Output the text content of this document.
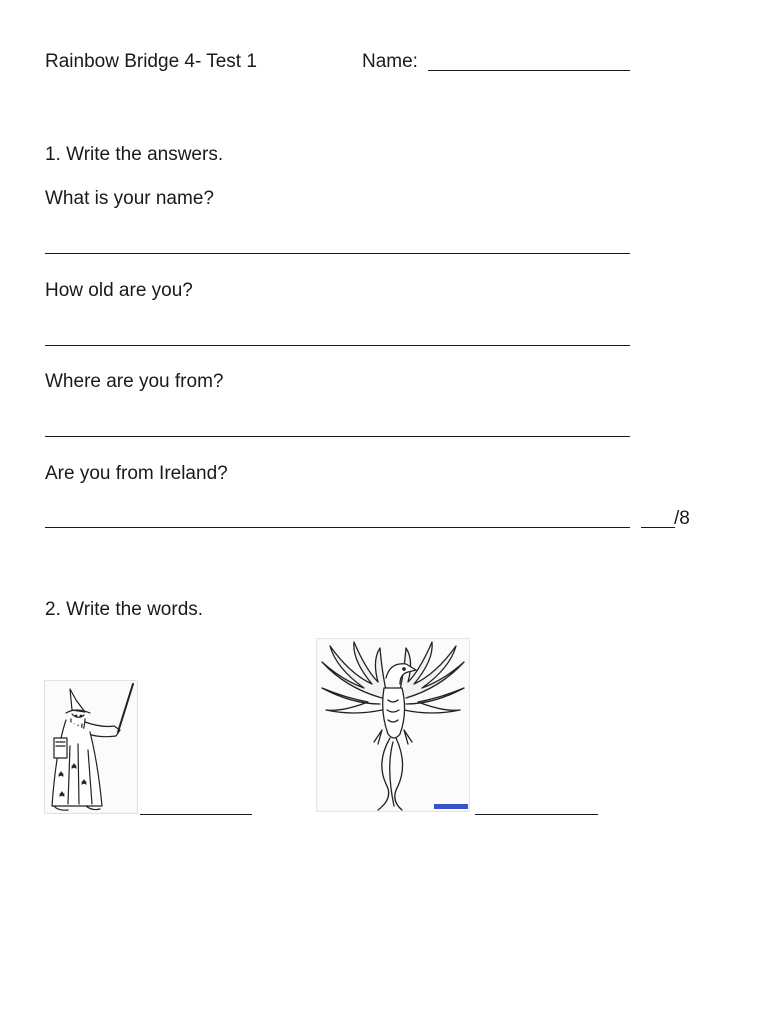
Rainbow Bridge 4- Test 1	Name:
1. Write the answers.
What is your name?
How old are you?
Where are you from?
Are you from Ireland?
/8
2. Write the words.
